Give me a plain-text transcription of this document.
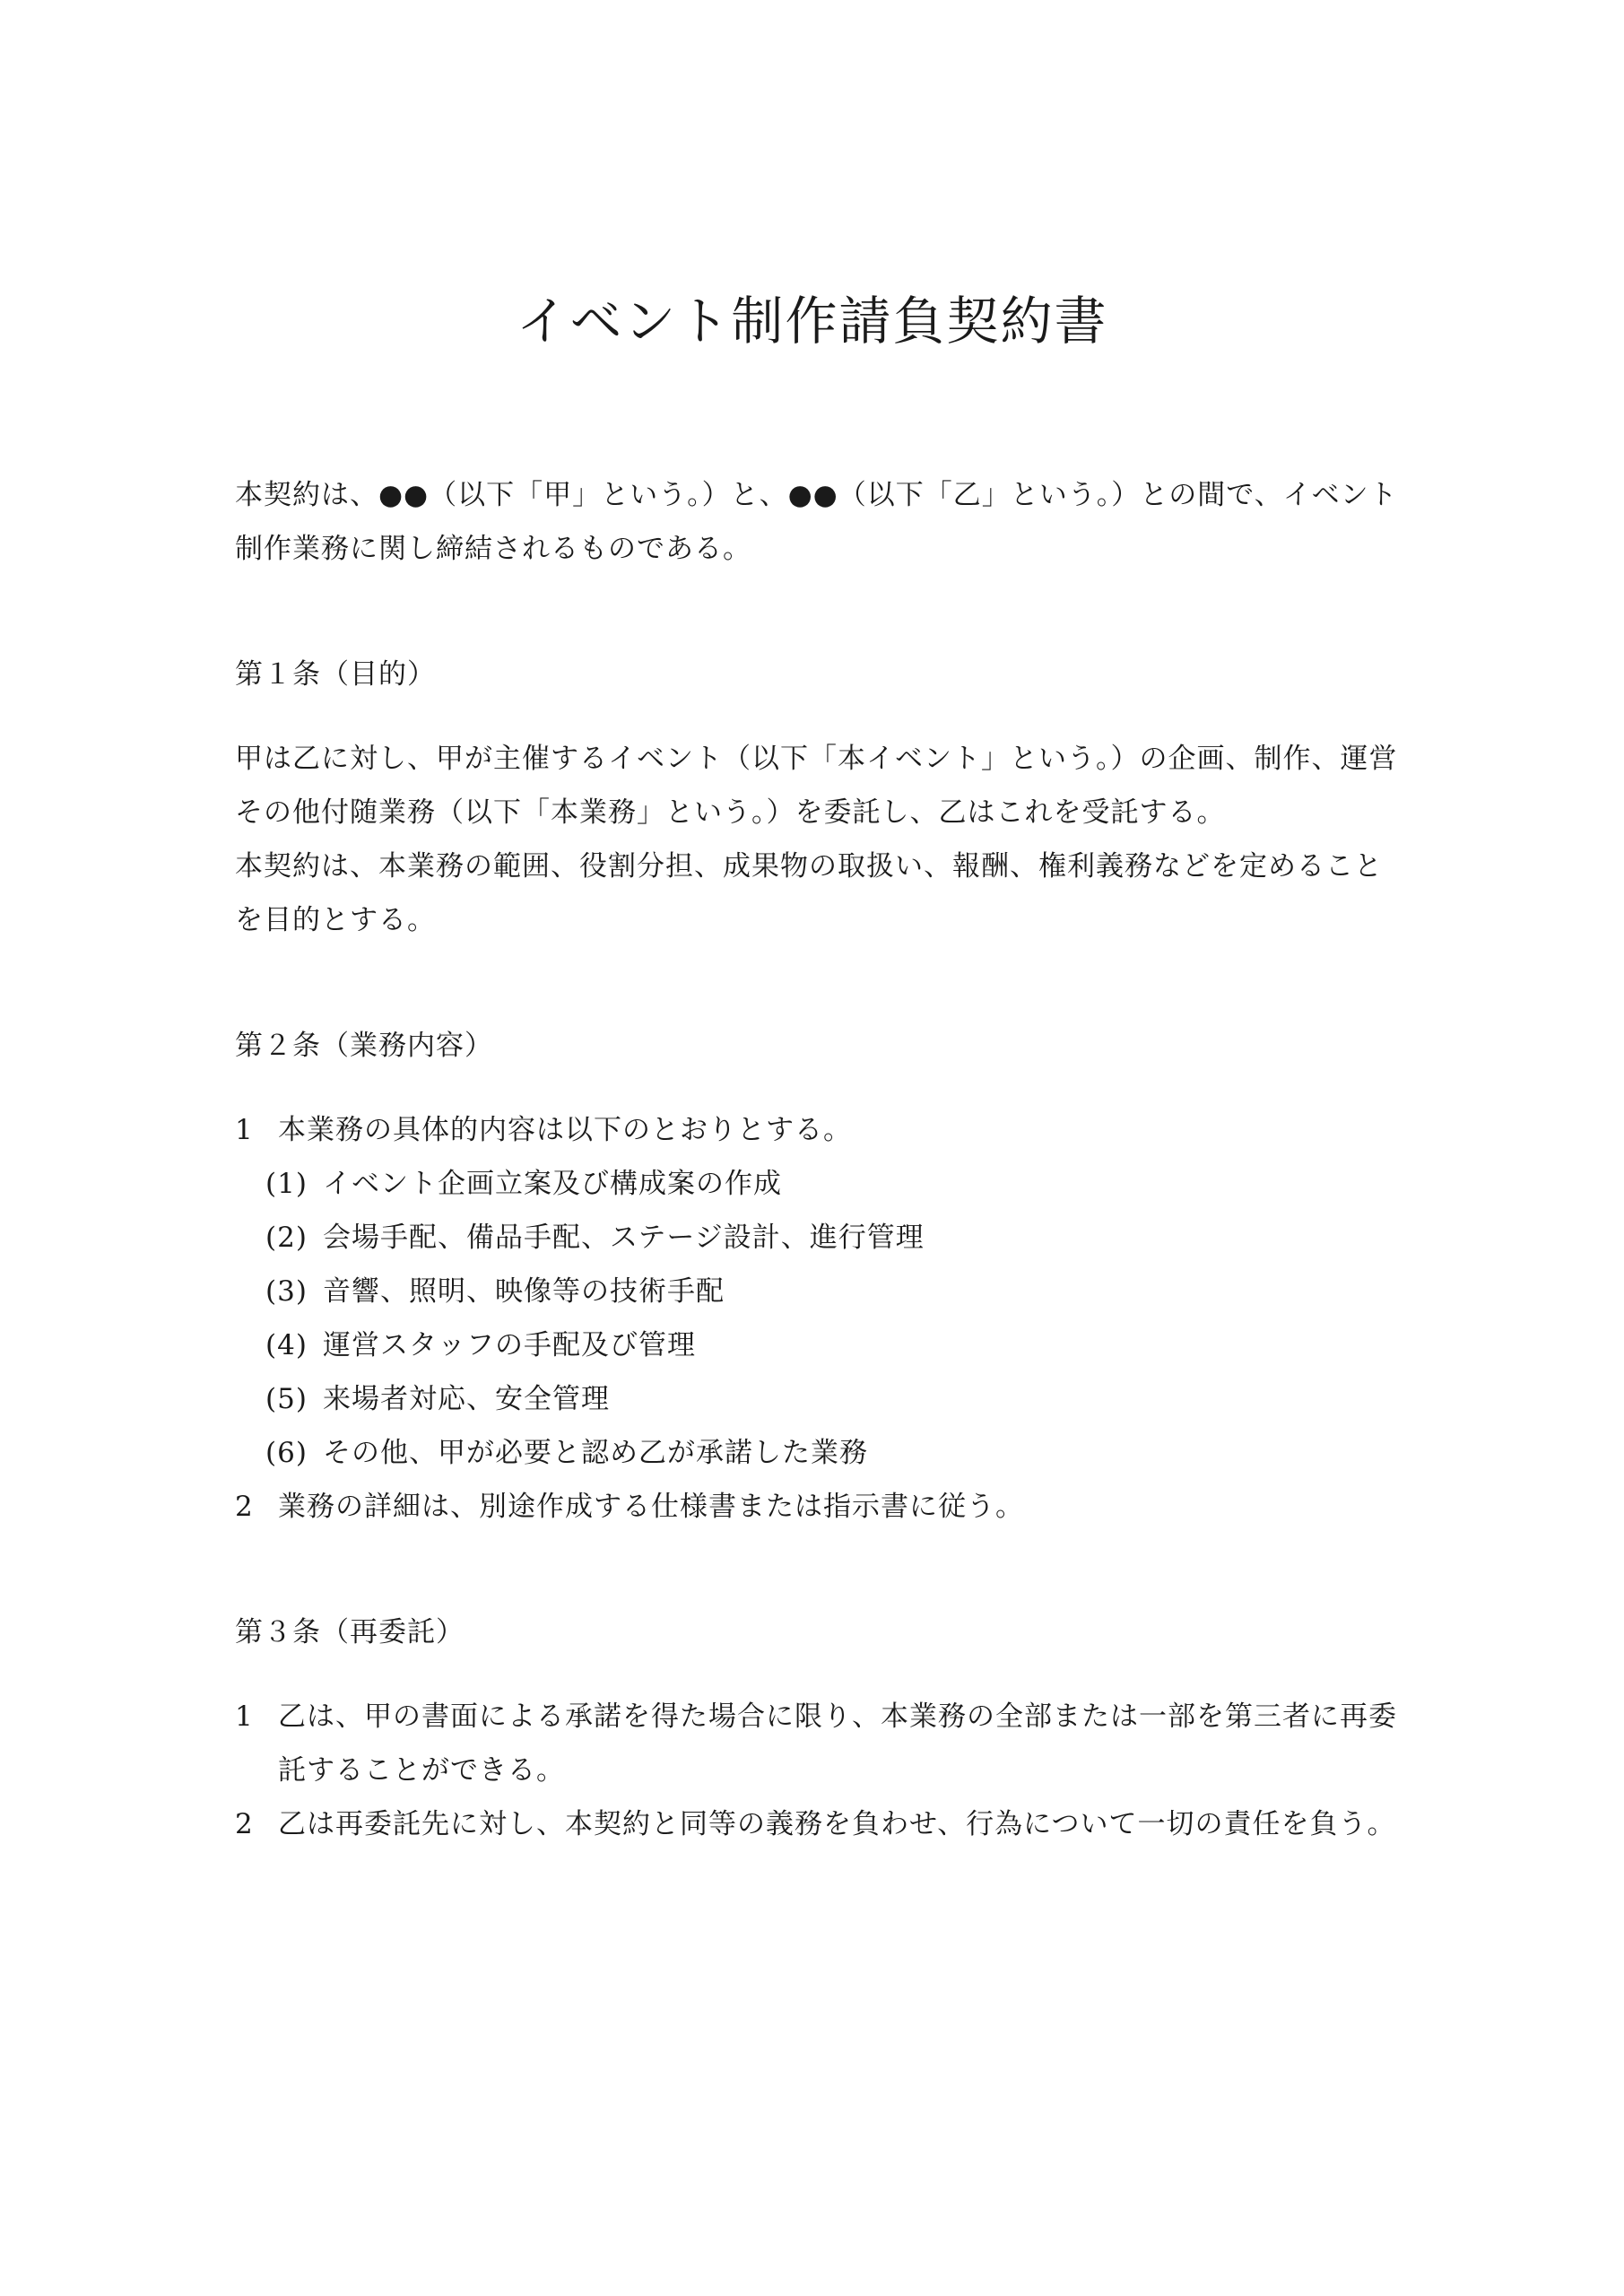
イベント制作請負契約書

本契約は、●●（以下「甲」という。）と、●●（以下「乙」という。）との間で、イベント制作業務に関し締結されるものである。

第１条（目的）

甲は乙に対し、甲が主催するイベント（以下「本イベント」という。）の企画、制作、運営その他付随業務（以下「本業務」という。）を委託し、乙はこれを受託する。

本契約は、本業務の範囲、役割分担、成果物の取扱い、報酬、権利義務などを定めることを目的とする。

第２条（業務内容）

1 本業務の具体的内容は以下のとおりとする。

(1) イベント企画立案及び構成案の作成

(2) 会場手配、備品手配、ステージ設計、進行管理

(3) 音響、照明、映像等の技術手配

(4) 運営スタッフの手配及び管理

(5) 来場者対応、安全管理

(6) その他、甲が必要と認め乙が承諾した業務

2 業務の詳細は、別途作成する仕様書または指示書に従う。

第３条（再委託）

1 乙は、甲の書面による承諾を得た場合に限り、本業務の全部または一部を第三者に再委託することができる。

2 乙は再委託先に対し、本契約と同等の義務を負わせ、行為について一切の責任を負う。
